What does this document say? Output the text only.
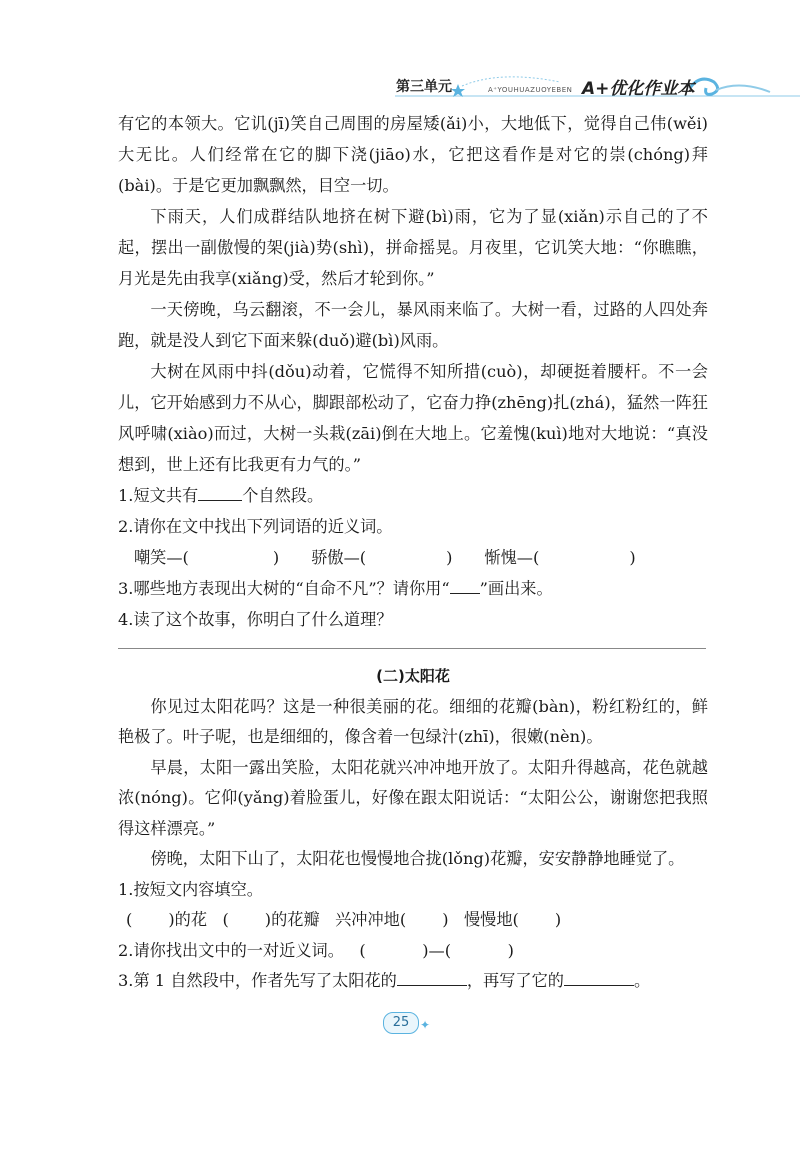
第三单元	A⁺YOUHUAZUOYEBEN A+优化作业本

有它的本领大。它讥(jī)笑自己周围的房屋矮(ǎi)小，大地低下，觉得自己伟(wěi)大无比。人们经常在它的脚下浇(jiāo)水，它把这看作是对它的崇(chóng)拜(bài)。于是它更加飘飘然，目空一切。

下雨天，人们成群结队地挤在树下避(bì)雨，它为了显(xiǎn)示自己的了不起，摆出一副傲慢的架(jià)势(shì)，拼命摇晃。月夜里，它讥笑大地：“你瞧瞧，月光是先由我享(xiǎng)受，然后才轮到你。”

一天傍晚，乌云翻滚，不一会儿，暴风雨来临了。大树一看，过路的人四处奔跑，就是没人到它下面来躲(duǒ)避(bì)风雨。

大树在风雨中抖(dǒu)动着，它慌得不知所措(cuò)，却硬挺着腰杆。不一会儿，它开始感到力不从心，脚跟部松动了，它奋力挣(zhēng)扎(zhá)，猛然一阵狂风呼啸(xiào)而过，大树一头栽(zāi)倒在大地上。它羞愧(kuì)地对大地说：“真没想到，世上还有比我更有力气的。”

1.短文共有	个自然段。

2.请你在文中找出下列词语的近义词。

嘲笑—(	) 骄傲—(	) 惭愧—(	)

3.哪些地方表现出大树的“自命不凡”？请你用“ ”画出来。

4.读了这个故事，你明白了什么道理？

(二)太阳花

你见过太阳花吗？这是一种很美丽的花。细细的花瓣(bàn)，粉红粉红的，鲜艳极了。叶子呢，也是细细的，像含着一包绿汁(zhī)，很嫩(nèn)。

早晨，太阳一露出笑脸，太阳花就兴冲冲地开放了。太阳升得越高，花色就越浓(nóng)。它仰(yǎng)着脸蛋儿，好像在跟太阳说话：“太阳公公，谢谢您把我照得这样漂亮。”

傍晚，太阳下山了，太阳花也慢慢地合拢(lǒng)花瓣，安安静静地睡觉了。

1.按短文内容填空。

(       )的花   (       )的花瓣   兴冲冲地(       )   慢慢地(       )

2.请你找出文中的一对近义词。   (           )—(           )

3.第 1 自然段中，作者先写了太阳花的	，再写了它的	。

25 ✦
